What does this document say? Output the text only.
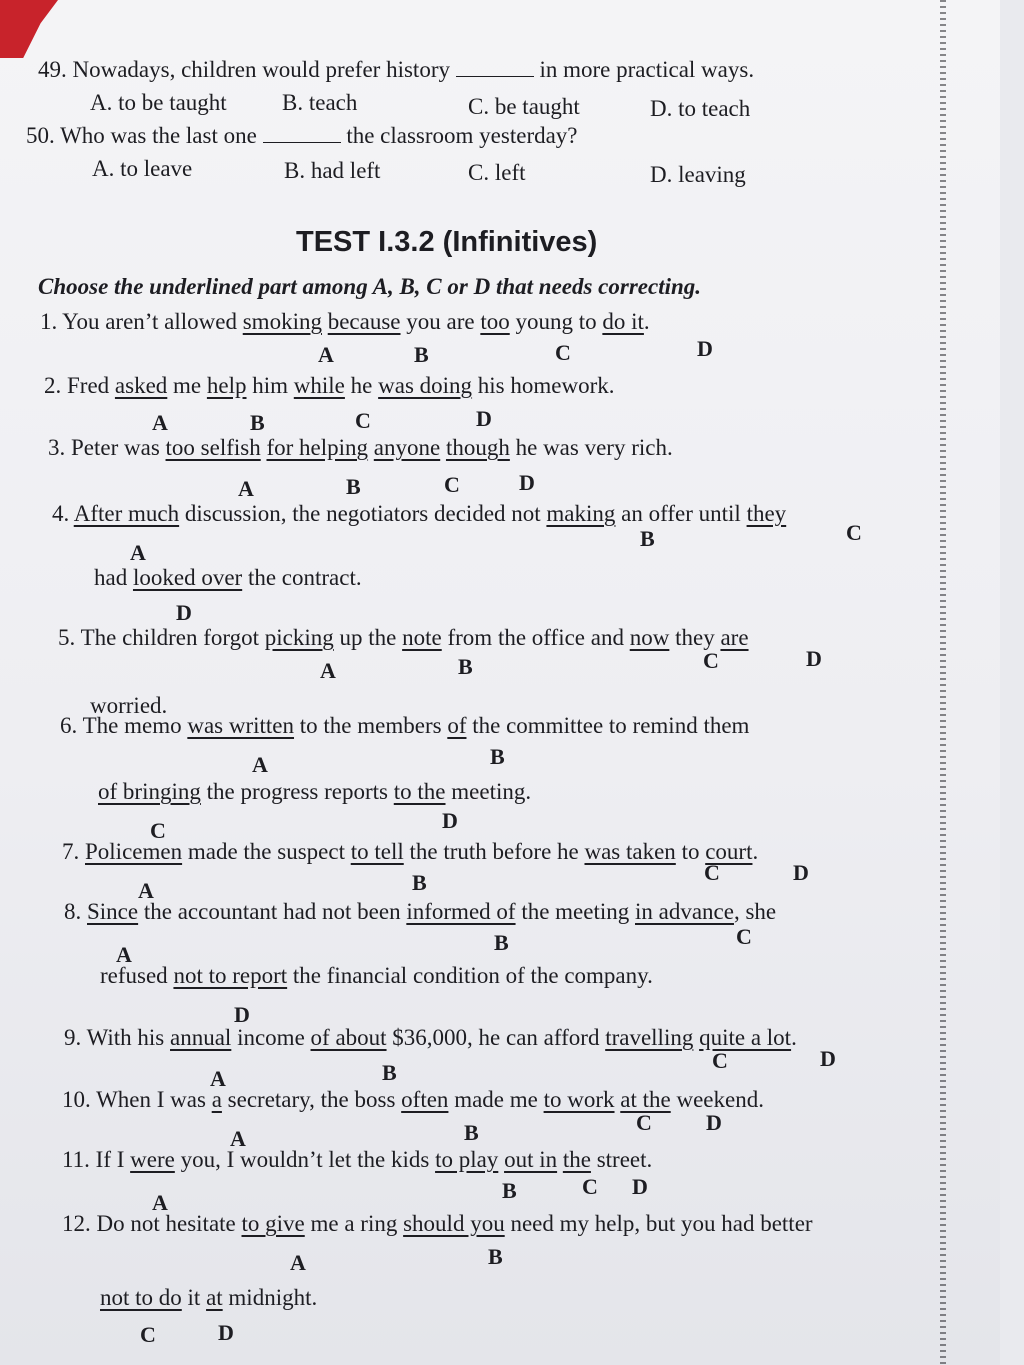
49. Nowadays, children would prefer history	in more practical ways.
A. to be taught B. teach	C. be taught	D. to teach
50. Who was the last one	the classroom yesterday?
A. to leave	B. had left	C. left	D. leaving
TEST I.3.2 (Infinitives)
Choose the underlined part among A, B, C or D that needs correcting.
1. You aren’t allowed smoking because you are too young to do it.
A	B	C	D
2. Fred asked me help him while he was doing his homework.
A	B	C	D
3. Peter was too selfish for helping anyone though he was very rich.
A	B	C	D
4. After much discussion, the negotiators decided not making an offer until they
A
B	C
had looked over the contract.
D
5. The children forgot picking up the note from the office and now they are
A	B	C	D
worried.
6. The memo was written to the members of the committee to remind them
A	B
of bringing the progress reports to the meeting.
C	D
7. Policemen made the suspect to tell the truth before he was taken to court.
A	B	C	D
8. Since the accountant had not been informed of the meeting in advance, she
A	B	C
refused not to report the financial condition of the company.
D
9. With his annual income of about $36,000, he can afford travelling quite a lot.
A	B	C	D
10. When I was a secretary, the boss often made me to work at the weekend.
A	B	C D
11. If I were you, I wouldn’t let the kids to play out in the street.
A	B	C D
12. Do not hesitate to give me a ring should you need my help, but you had better
A	B
not to do it at midnight.
C	D
